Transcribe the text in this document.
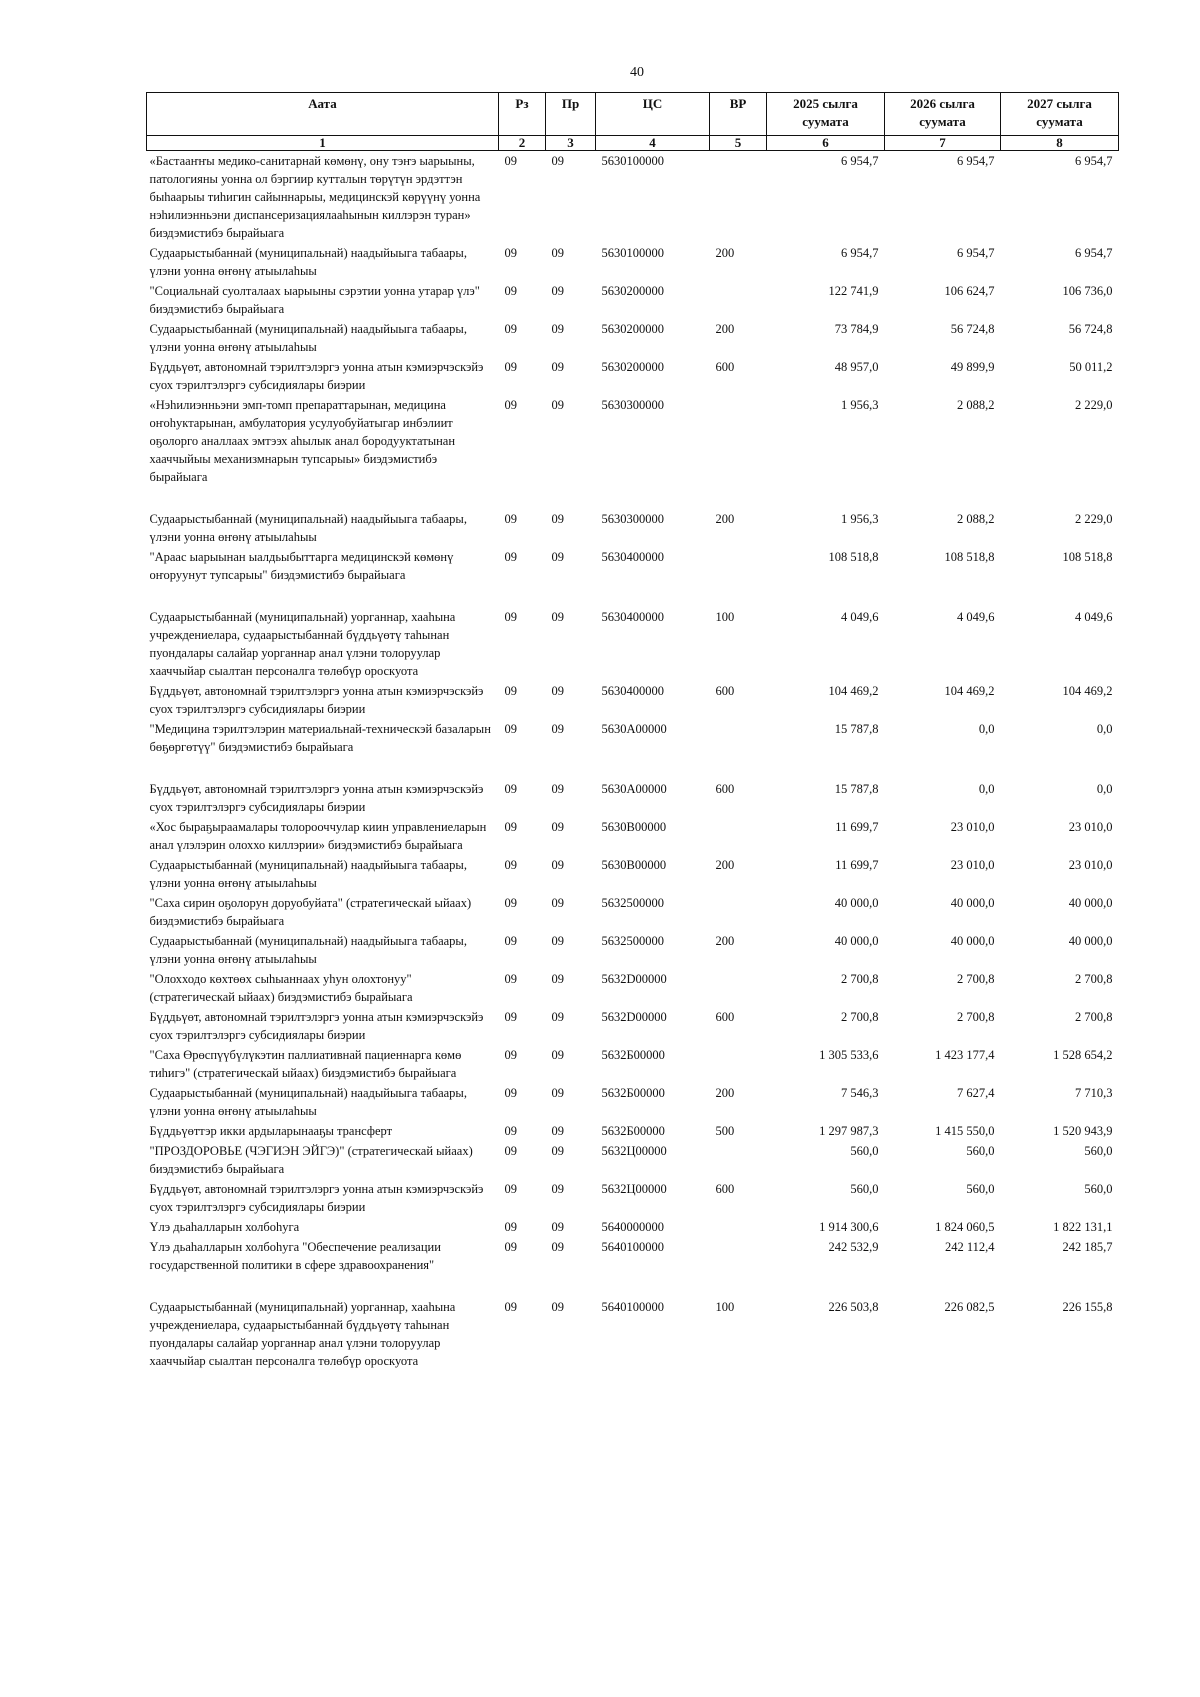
40
Аата	Рз	Пр	ЦС	ВР	2025 сылга суумата	2026 сылга суумата	2027 сылга суумата
1	2	3	4	5	6	7	8
«Бастааҥҥы медико-санитарнай көмөнү, ону тэҥэ ыарыыны, патологияны уонна ол бэргиир кутталын төрүтүн эрдэттэн быһаарыы тиһигин сайыннарыы, медицинскэй көрүүнү уонна нэһилиэнньэни диспансеризациялааһынын киллэрэн туран» биэдэмистибэ бырайыага	09	09	5630100000		6 954,7	6 954,7	6 954,7
Судаарыстыбаннай (муниципальнай) наадыйыыга табаары, үлэни уонна өҥөнү атыылаһыы	09	09	5630100000	200	6 954,7	6 954,7	6 954,7
"Социальнай суолталаах ыарыыны сэрэтии уонна утарар үлэ" биэдэмистибэ бырайыага	09	09	5630200000		122 741,9	106 624,7	106 736,0
Судаарыстыбаннай (муниципальнай) наадыйыыга табаары, үлэни уонна өҥөнү атыылаһыы	09	09	5630200000	200	73 784,9	56 724,8	56 724,8
Бүддьүөт, автономнай тэрилтэлэргэ уонна атын кэмиэрчэскэйэ суох тэрилтэлэргэ субсидиялары биэрии	09	09	5630200000	600	48 957,0	49 899,9	50 011,2
«Нэһилиэнньэни эмп-томп препараттарынан, медицина оҥоһуктарынан, амбулатория усулуобуйатыгар инбэлиит оҕолорго аналлаах эмтээх аһылык анал бородууктатынан хааччыйыы механизмнарын тупсарыы» биэдэмистибэ бырайыага	09	09	5630300000		1 956,3	2 088,2	2 229,0

Судаарыстыбаннай (муниципальнай) наадыйыыга табаары, үлэни уонна өҥөнү атыылаһыы	09	09	5630300000	200	1 956,3	2 088,2	2 229,0
"Араас ыарыынан ыалдьыбыттарга медицинскэй көмөнү оҥоруунут тупсарыы" биэдэмистибэ бырайыага	09	09	5630400000		108 518,8	108 518,8	108 518,8

Судаарыстыбаннай (муниципальнай) уорганнар, хааһына учреждениелара, судаарыстыбаннай бүддьүөтү таһынан пуондалары салайар уорганнар анал үлэни толоруулар хааччыйар сыалтан персоналга төлөбүр ороскуота	09	09	5630400000	100	4 049,6	4 049,6	4 049,6
Бүддьүөт, автономнай тэрилтэлэргэ уонна атын кэмиэрчэскэйэ суох тэрилтэлэргэ субсидиялары биэрии	09	09	5630400000	600	104 469,2	104 469,2	104 469,2
"Медицина тэрилтэлэрин материальнай-техническэй базаларын бөҕөргөтүү" биэдэмистибэ бырайыага	09	09	5630А00000		15 787,8	0,0	0,0

Бүддьүөт, автономнай тэрилтэлэргэ уонна атын кэмиэрчэскэйэ суох тэрилтэлэргэ субсидиялары биэрии	09	09	5630А00000	600	15 787,8	0,0	0,0
«Хос быраҕыраамалары толорооччулар киин управлениеларын анал үлэлэрин олоххо киллэрии» биэдэмистибэ бырайыага	09	09	5630В00000		11 699,7	23 010,0	23 010,0
Судаарыстыбаннай (муниципальнай) наадыйыыга табаары, үлэни уонна өҥөнү атыылаһыы	09	09	5630В00000	200	11 699,7	23 010,0	23 010,0
"Саха сирин оҕолорун доруобуйата" (стратегическай ыйаах) биэдэмистибэ бырайыага	09	09	5632500000		40 000,0	40 000,0	40 000,0
Судаарыстыбаннай (муниципальнай) наадыйыыга табаары, үлэни уонна өҥөнү атыылаһыы	09	09	5632500000	200	40 000,0	40 000,0	40 000,0
"Олохходо көхтөөх сыһыаннаах уһун олохтонуу" (стратегическай ыйаах) биэдэмистибэ бырайыага	09	09	5632D00000		2 700,8	2 700,8	2 700,8
Бүддьүөт, автономнай тэрилтэлэргэ уонна атын кэмиэрчэскэйэ суох тэрилтэлэргэ субсидиялары биэрии	09	09	5632D00000	600	2 700,8	2 700,8	2 700,8
"Саха Өрөспүүбүлүкэтин паллиативнай пациеннарга көмө тиһигэ" (стратегическай ыйаах) биэдэмистибэ бырайыага	09	09	5632Б00000		1 305 533,6	1 423 177,4	1 528 654,2
Судаарыстыбаннай (муниципальнай) наадыйыыга табаары, үлэни уонна өҥөнү атыылаһыы	09	09	5632Б00000	200	7 546,3	7 627,4	7 710,3
Бүддьүөттэр икки ардыларынааҕы трансферт	09	09	5632Б00000	500	1 297 987,3	1 415 550,0	1 520 943,9
"ПРОЗДОРОВЬЕ (ЧЭГИЭН ЭЙГЭ)" (стратегическай ыйаах) биэдэмистибэ бырайыага	09	09	5632Ц00000		560,0	560,0	560,0
Бүддьүөт, автономнай тэрилтэлэргэ уонна атын кэмиэрчэскэйэ суох тэрилтэлэргэ субсидиялары биэрии	09	09	5632Ц00000	600	560,0	560,0	560,0
Үлэ дьаһалларын холбоһуга	09	09	5640000000		1 914 300,6	1 824 060,5	1 822 131,1
Үлэ дьаһалларын холбоһуга "Обеспечение реализации государственной политики в сфере здравоохранения"	09	09	5640100000		242 532,9	242 112,4	242 185,7

Судаарыстыбаннай (муниципальнай) уорганнар, хааһына учреждениелара, судаарыстыбаннай бүддьүөтү таһынан пуондалары салайар уорганнар анал үлэни толоруулар хааччыйар сыалтан персоналга төлөбүр ороскуота	09	09	5640100000	100	226 503,8	226 082,5	226 155,8
